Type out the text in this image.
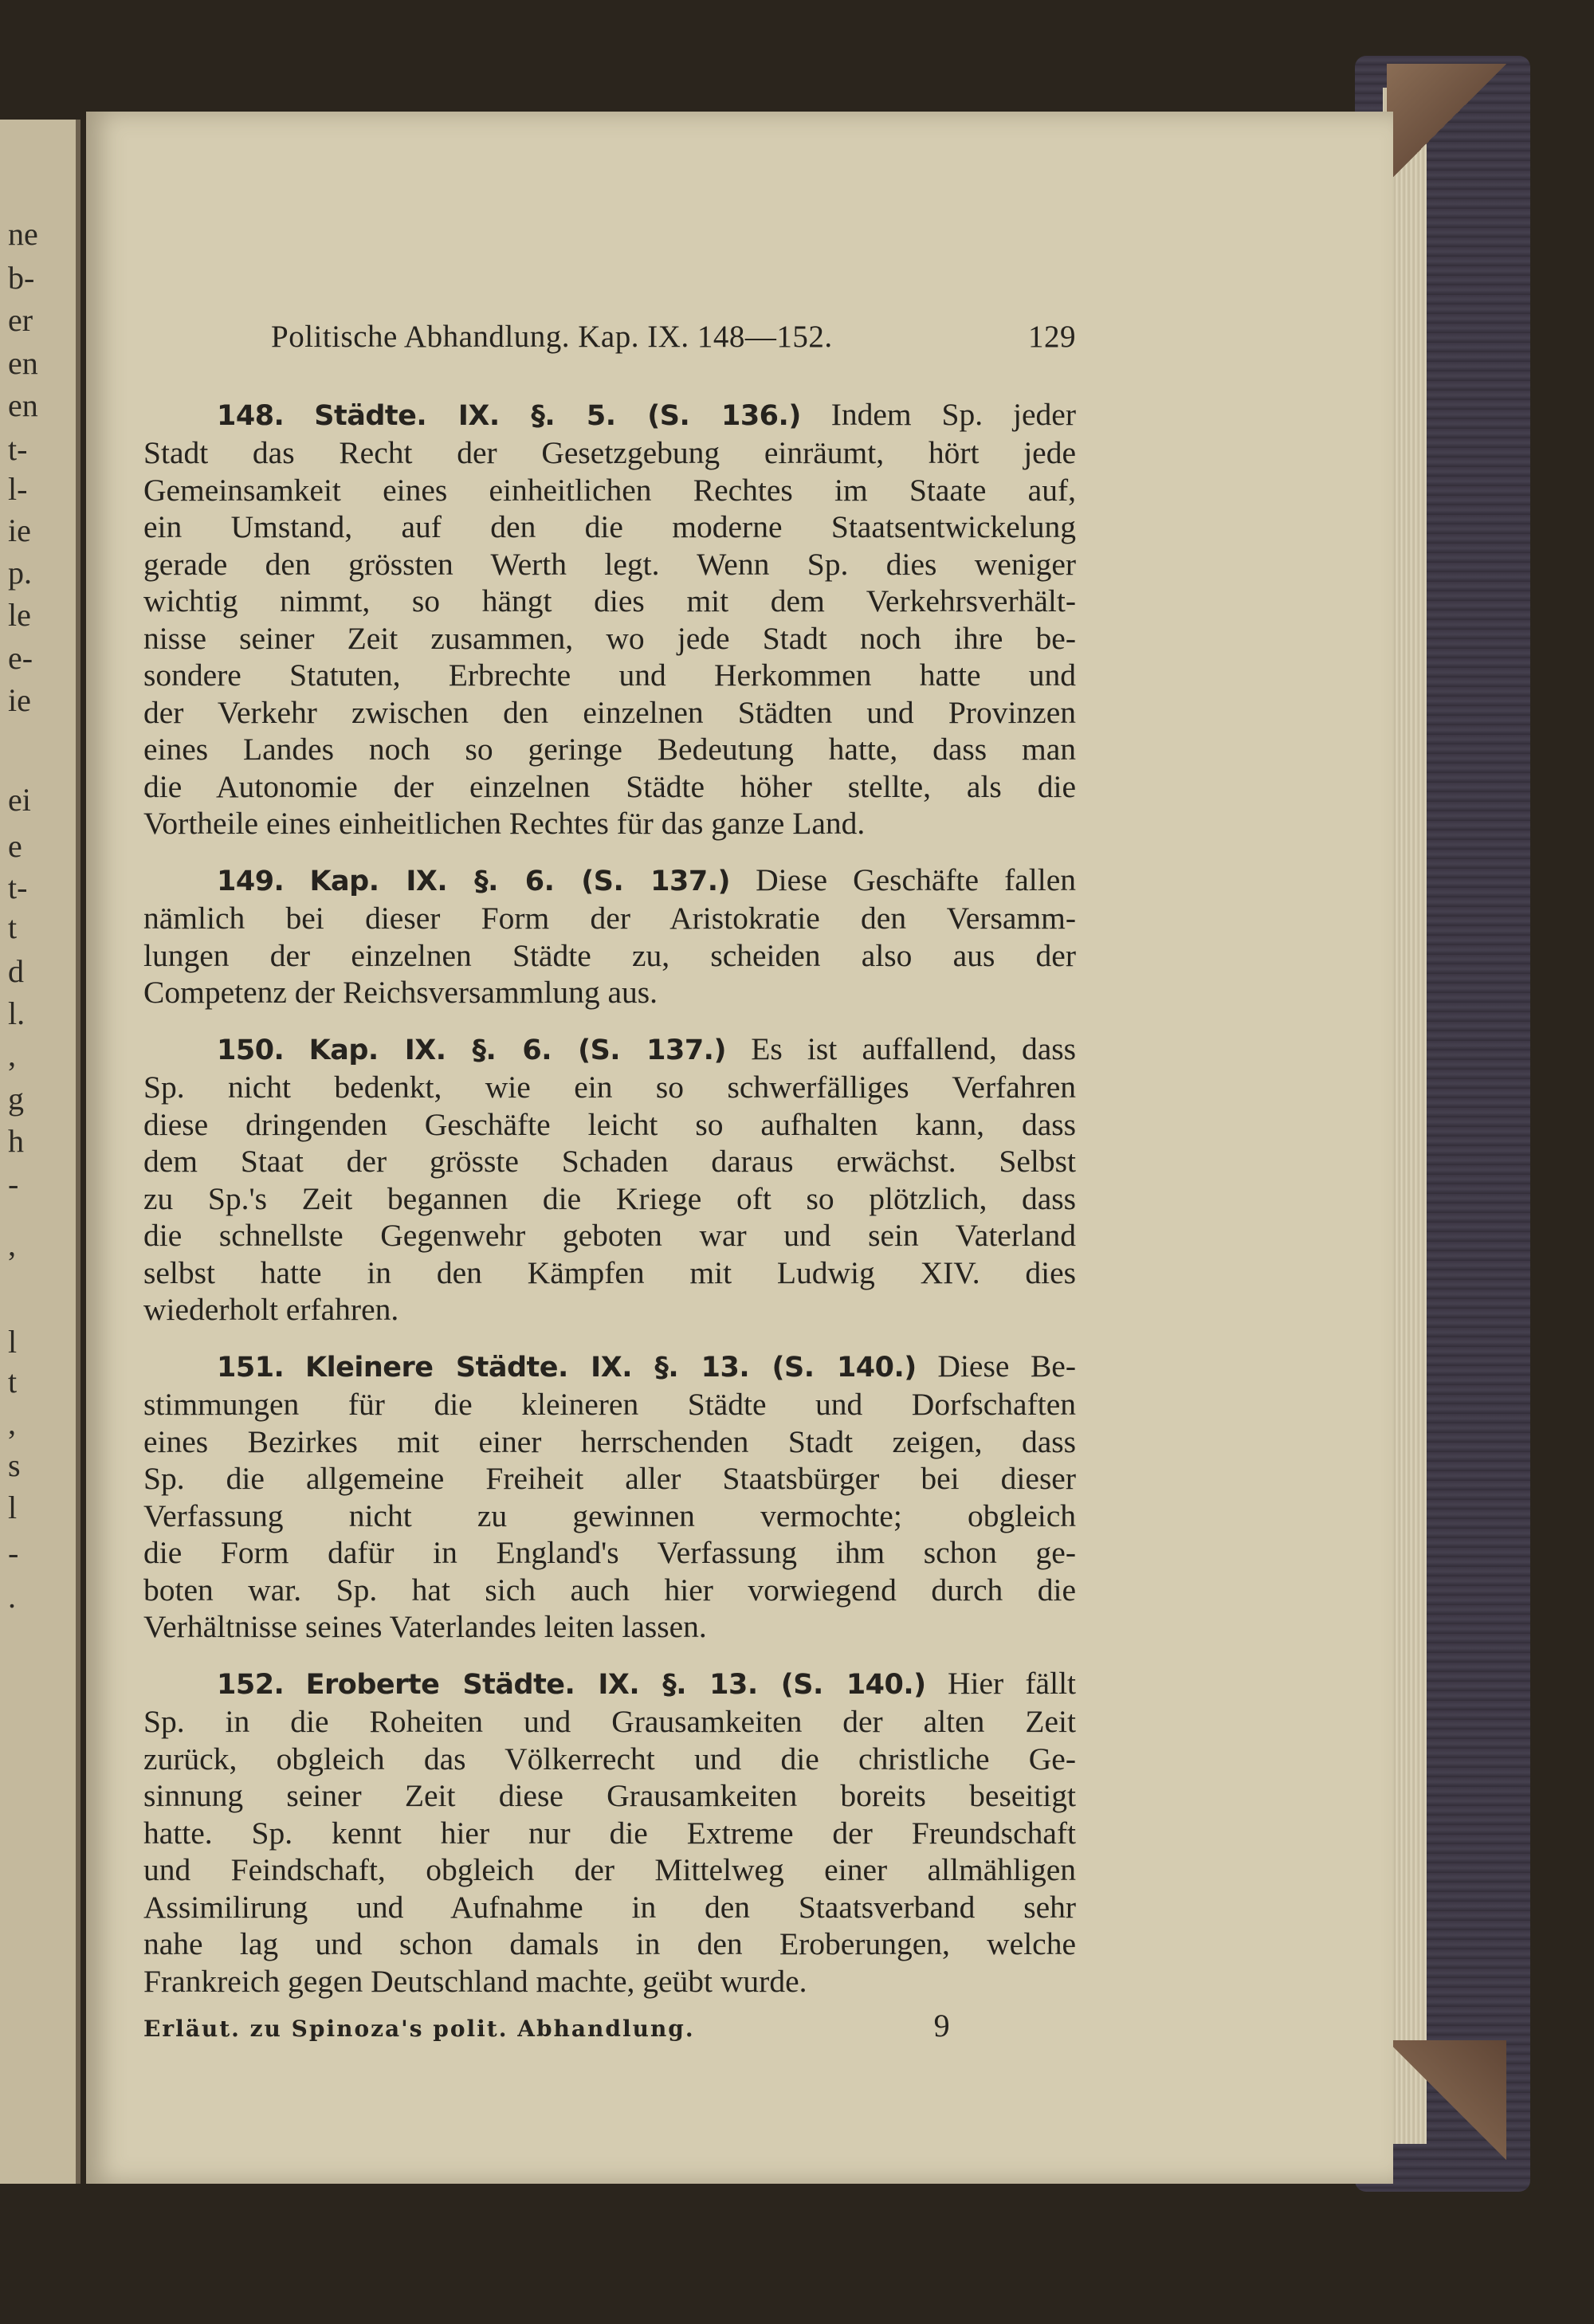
ne
b-
er
en
en
t-
l-
ie
p.
le
e-
ie
ei
e
t-
t
d
l.
,
g
h
-
,
l
t
,
s
l
-
.
Politische Abhandlung. Kap. IX. 148—152.	129
148. Städte. IX. §. 5. (S. 136.) Indem Sp. jeder
Stadt das Recht der Gesetzgebung einräumt, hört jede
Gemeinsamkeit eines einheitlichen Rechtes im Staate auf,
ein Umstand, auf den die moderne Staatsentwickelung
gerade den grössten Werth legt. Wenn Sp. dies weniger
wichtig nimmt, so hängt dies mit dem Verkehrsverhält-
nisse seiner Zeit zusammen, wo jede Stadt noch ihre be-
sondere Statuten, Erbrechte und Herkommen hatte und
der Verkehr zwischen den einzelnen Städten und Provinzen
eines Landes noch so geringe Bedeutung hatte, dass man
die Autonomie der einzelnen Städte höher stellte, als die
Vortheile eines einheitlichen Rechtes für das ganze Land.
149. Kap. IX. §. 6. (S. 137.) Diese Geschäfte fallen
nämlich bei dieser Form der Aristokratie den Versamm-
lungen der einzelnen Städte zu, scheiden also aus der
Competenz der Reichsversammlung aus.
150. Kap. IX. §. 6. (S. 137.) Es ist auffallend, dass
Sp. nicht bedenkt, wie ein so schwerfälliges Verfahren
diese dringenden Geschäfte leicht so aufhalten kann, dass
dem Staat der grösste Schaden daraus erwächst. Selbst
zu Sp.'s Zeit begannen die Kriege oft so plötzlich, dass
die schnellste Gegenwehr geboten war und sein Vaterland
selbst hatte in den Kämpfen mit Ludwig XIV. dies
wiederholt erfahren.
151. Kleinere Städte. IX. §. 13. (S. 140.) Diese Be-
stimmungen für die kleineren Städte und Dorfschaften
eines Bezirkes mit einer herrschenden Stadt zeigen, dass
Sp. die allgemeine Freiheit aller Staatsbürger bei dieser
Verfassung nicht zu gewinnen vermochte; obgleich
die Form dafür in England's Verfassung ihm schon ge-
boten war. Sp. hat sich auch hier vorwiegend durch die
Verhältnisse seines Vaterlandes leiten lassen.
152. Eroberte Städte. IX. §. 13. (S. 140.) Hier fällt
Sp. in die Roheiten und Grausamkeiten der alten Zeit
zurück, obgleich das Völkerrecht und die christliche Ge-
sinnung seiner Zeit diese Grausamkeiten boreits beseitigt
hatte. Sp. kennt hier nur die Extreme der Freundschaft
und Feindschaft, obgleich der Mittelweg einer allmähligen
Assimilirung und Aufnahme in den Staatsverband sehr
nahe lag und schon damals in den Eroberungen, welche
Frankreich gegen Deutschland machte, geübt wurde.
Erläut. zu Spinoza's polit. Abhandlung.	9
